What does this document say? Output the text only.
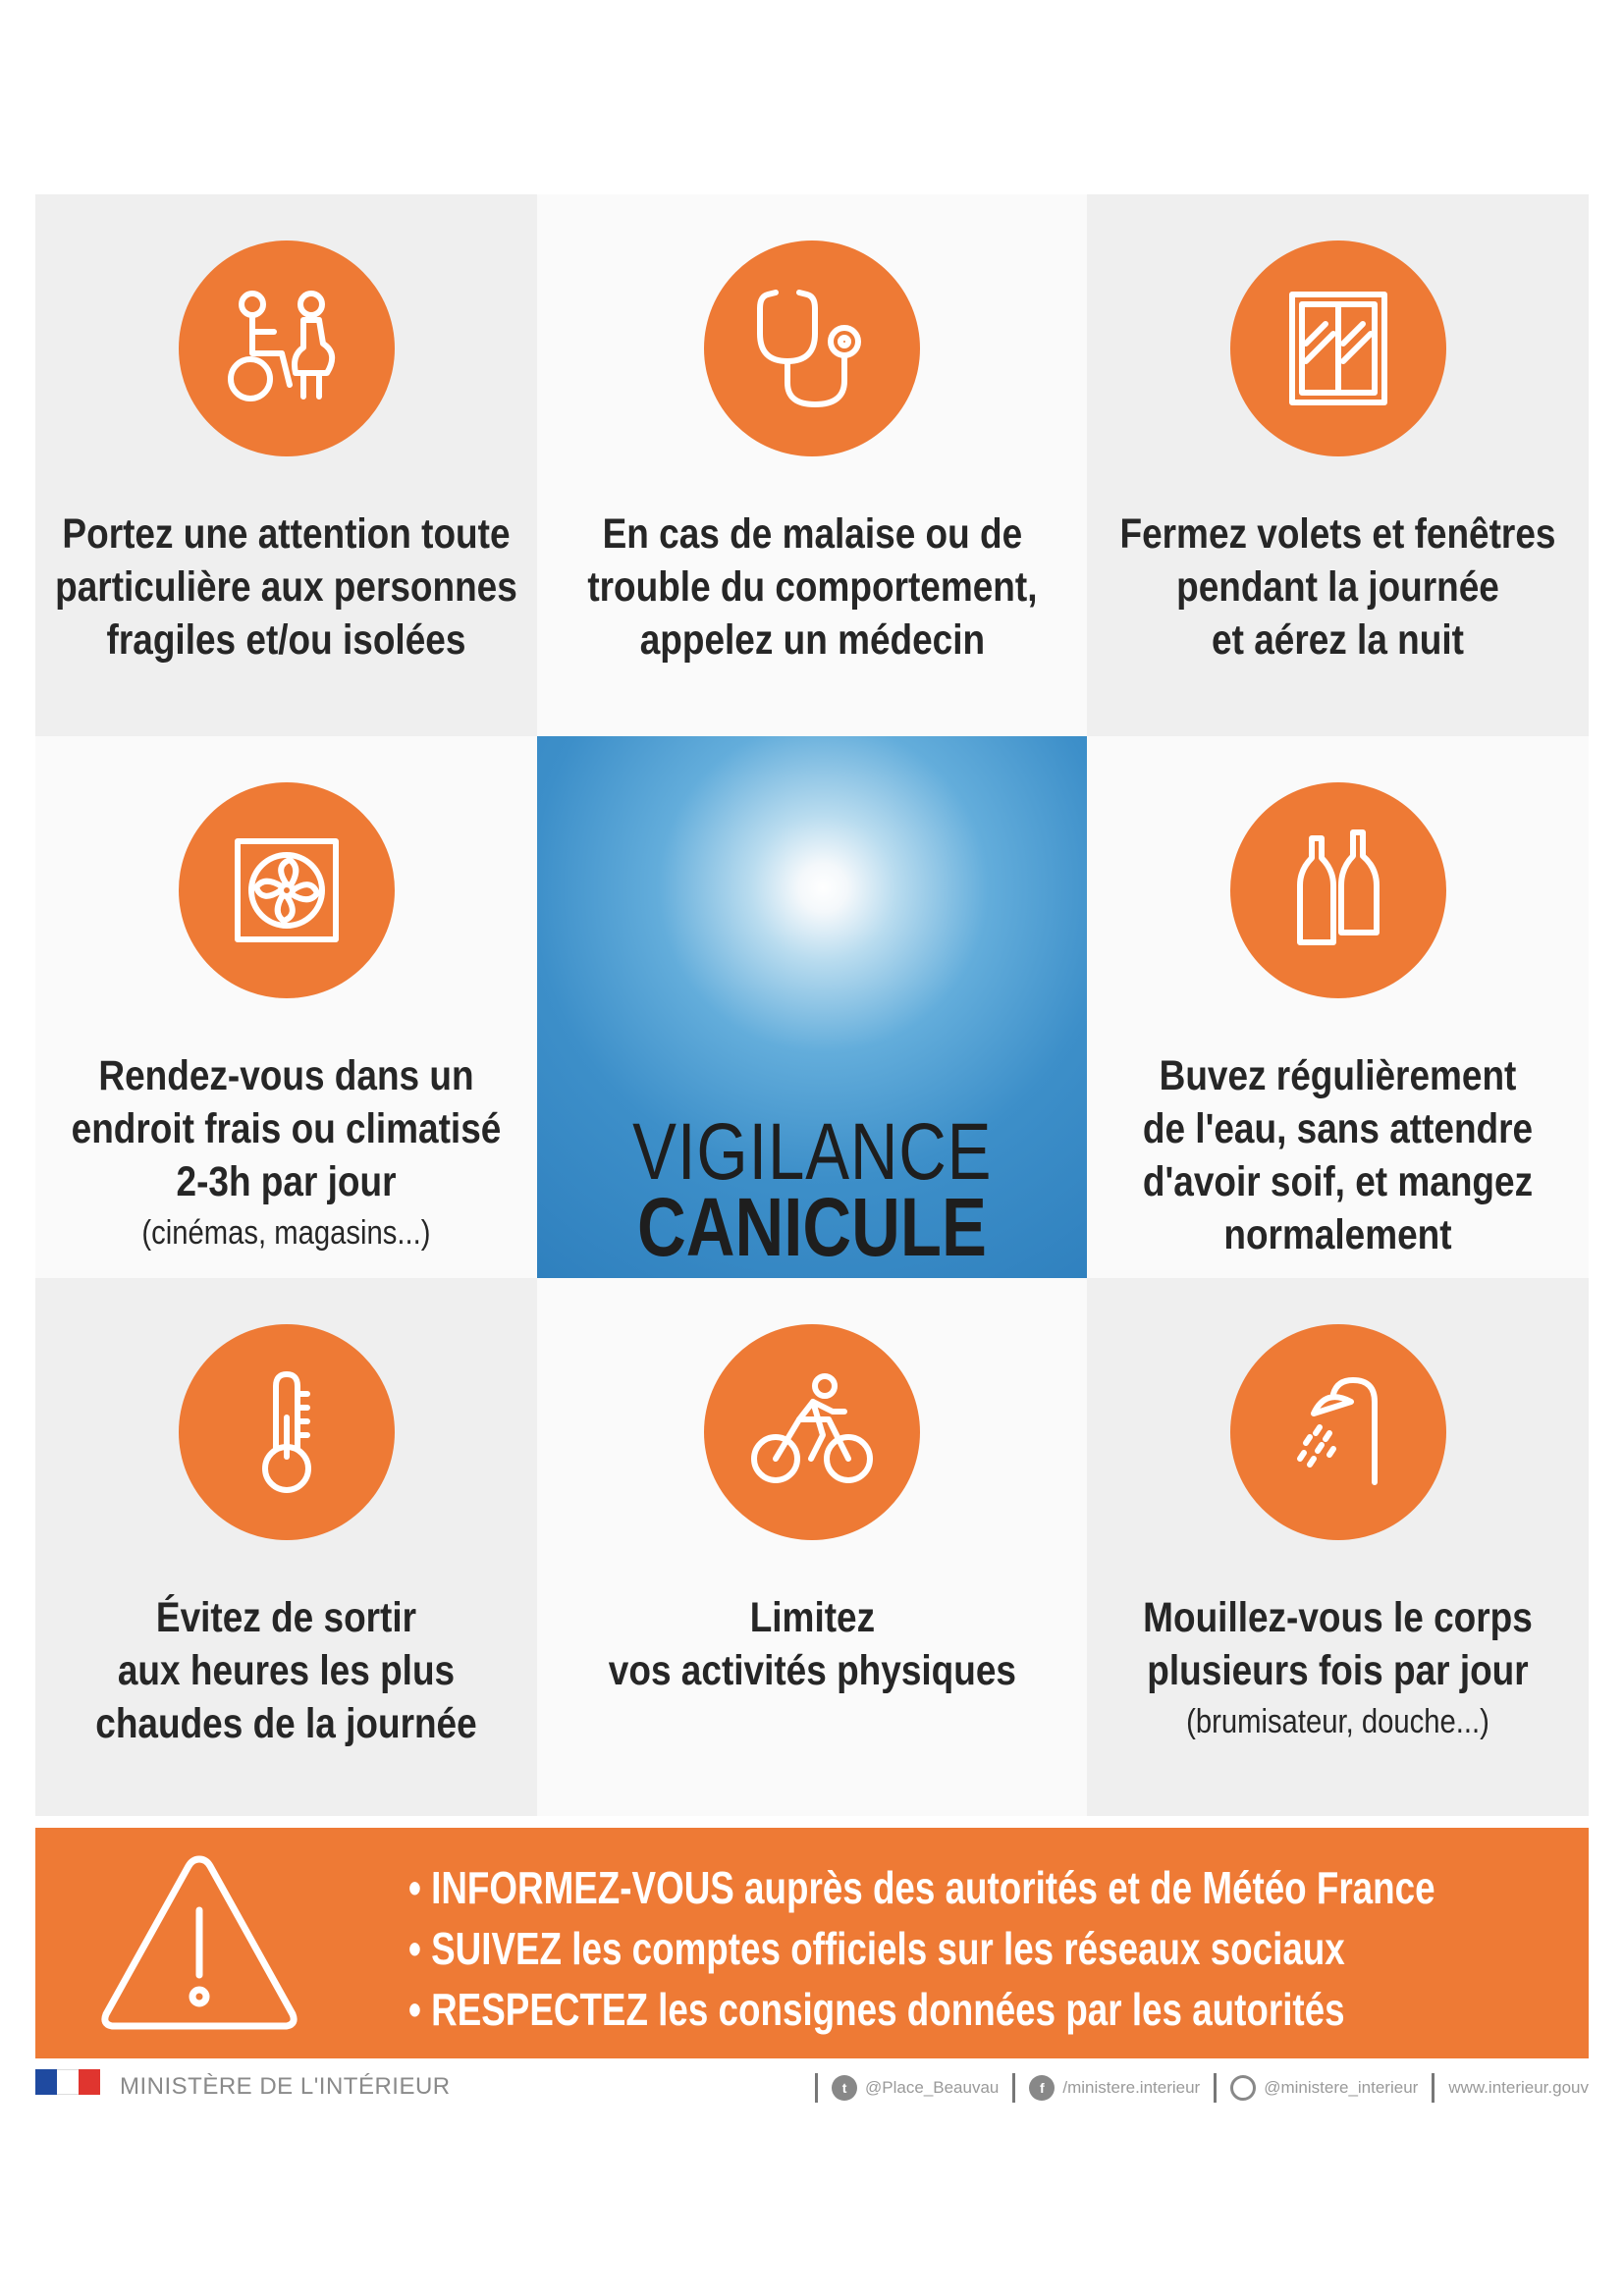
Portez une attention toute
particulière aux personnes
fragiles et/ou isolées
En cas de malaise ou de
trouble du comportement,
appelez un médecin
Fermez volets et fenêtres
pendant la journée
et aérez la nuit
Rendez-vous dans un
endroit frais ou climatisé
2-3h par jour
(cinémas, magasins...)
VIGILANCE
CANICULE
Buvez régulièrement
de l'eau, sans attendre
d'avoir soif, et mangez
normalement
Évitez de sortir
aux heures les plus
chaudes de la journée
Limitez
vos activités physiques
Mouillez-vous le corps
plusieurs fois par jour
(brumisateur, douche...)
• INFORMEZ-VOUS auprès des autorités et de Météo France
• SUIVEZ les comptes officiels sur les réseaux sociaux
• RESPECTEZ les consignes données par les autorités
MINISTÈRE DE L'INTÉRIEUR	t	@Place_Beauvau	f	/ministere.interieur	@ministere_interieur www.interieur.gouv
